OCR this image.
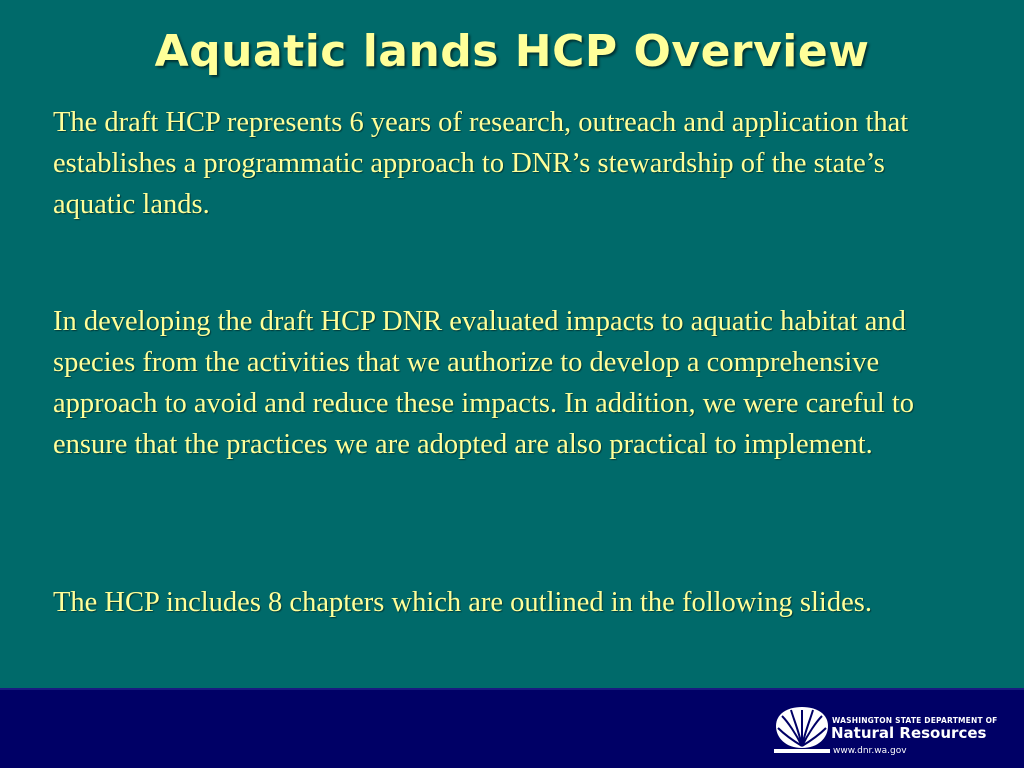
Aquatic lands HCP Overview

The draft HCP represents 6 years of research, outreach and application that establishes a programmatic approach to DNR’s stewardship of the state’s aquatic lands.

In developing the draft HCP DNR evaluated impacts to aquatic habitat and species from the activities that we authorize to develop a comprehensive approach to avoid and reduce these impacts. In addition, we were careful to ensure that the practices we are adopted are also practical to implement.

The HCP includes 8 chapters which are outlined in the following slides.

WASHINGTON STATE DEPARTMENT OF
Natural Resources
www.dnr.wa.gov
